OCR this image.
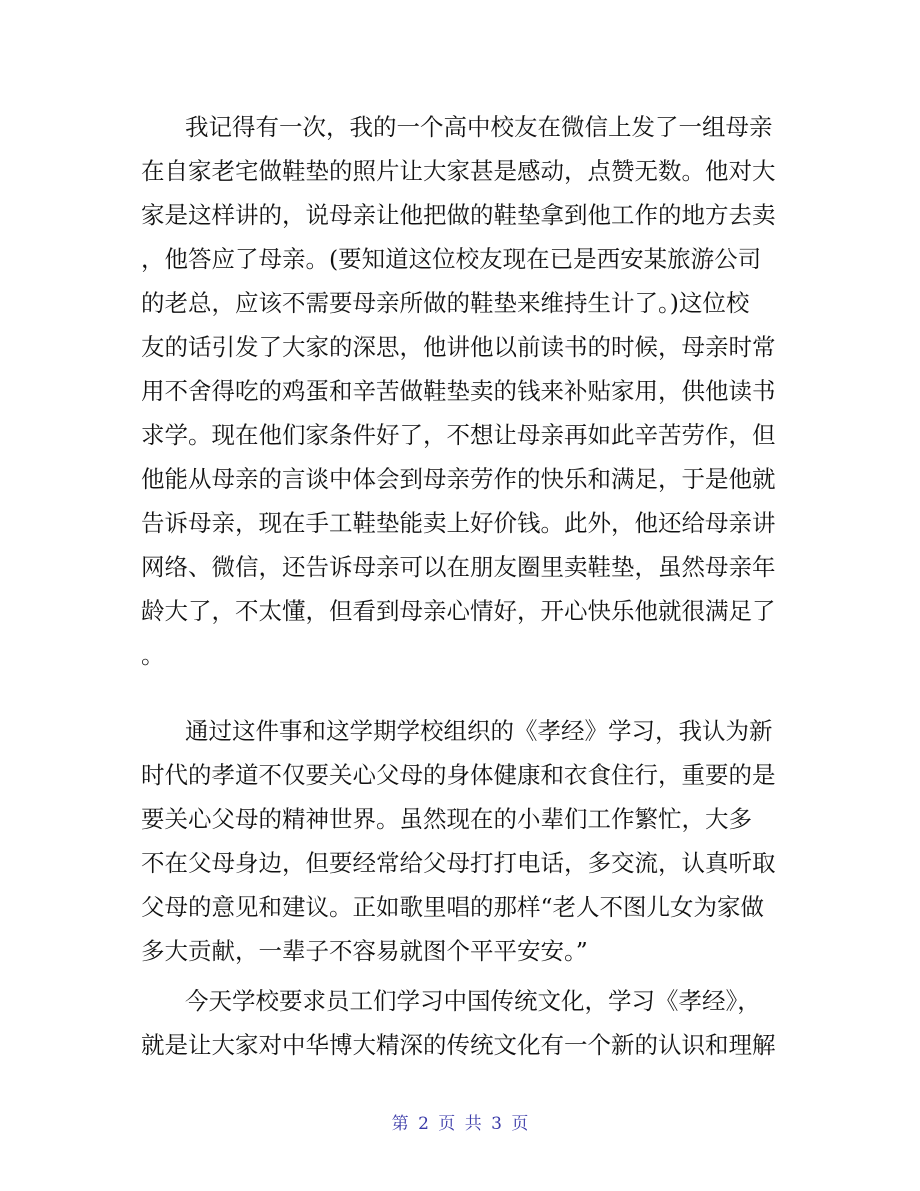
我记得有一次，我的一个高中校友在微信上发了一组母亲
在自家老宅做鞋垫的照片让大家甚是感动，点赞无数。他对大
家是这样讲的，说母亲让他把做的鞋垫拿到他工作的地方去卖
，他答应了母亲。(要知道这位校友现在已是西安某旅游公司
的老总，应该不需要母亲所做的鞋垫来维持生计了。)这位校
友的话引发了大家的深思，他讲他以前读书的时候，母亲时常
用不舍得吃的鸡蛋和辛苦做鞋垫卖的钱来补贴家用，供他读书
求学。现在他们家条件好了，不想让母亲再如此辛苦劳作，但
他能从母亲的言谈中体会到母亲劳作的快乐和满足，于是他就
告诉母亲，现在手工鞋垫能卖上好价钱。此外，他还给母亲讲
网络、微信，还告诉母亲可以在朋友圈里卖鞋垫，虽然母亲年
龄大了，不太懂，但看到母亲心情好，开心快乐他就很满足了
。
通过这件事和这学期学校组织的《孝经》学习，我认为新
时代的孝道不仅要关心父母的身体健康和衣食住行，重要的是
要关心父母的精神世界。虽然现在的小辈们工作繁忙，大多
不在父母身边，但要经常给父母打打电话，多交流，认真听取
父母的意见和建议。正如歌里唱的那样“老人不图儿女为家做
多大贡献，一辈子不容易就图个平平安安。”
今天学校要求员工们学习中国传统文化，学习《孝经》，
就是让大家对中华博大精深的传统文化有一个新的认识和理解
第 2 页 共 3 页
